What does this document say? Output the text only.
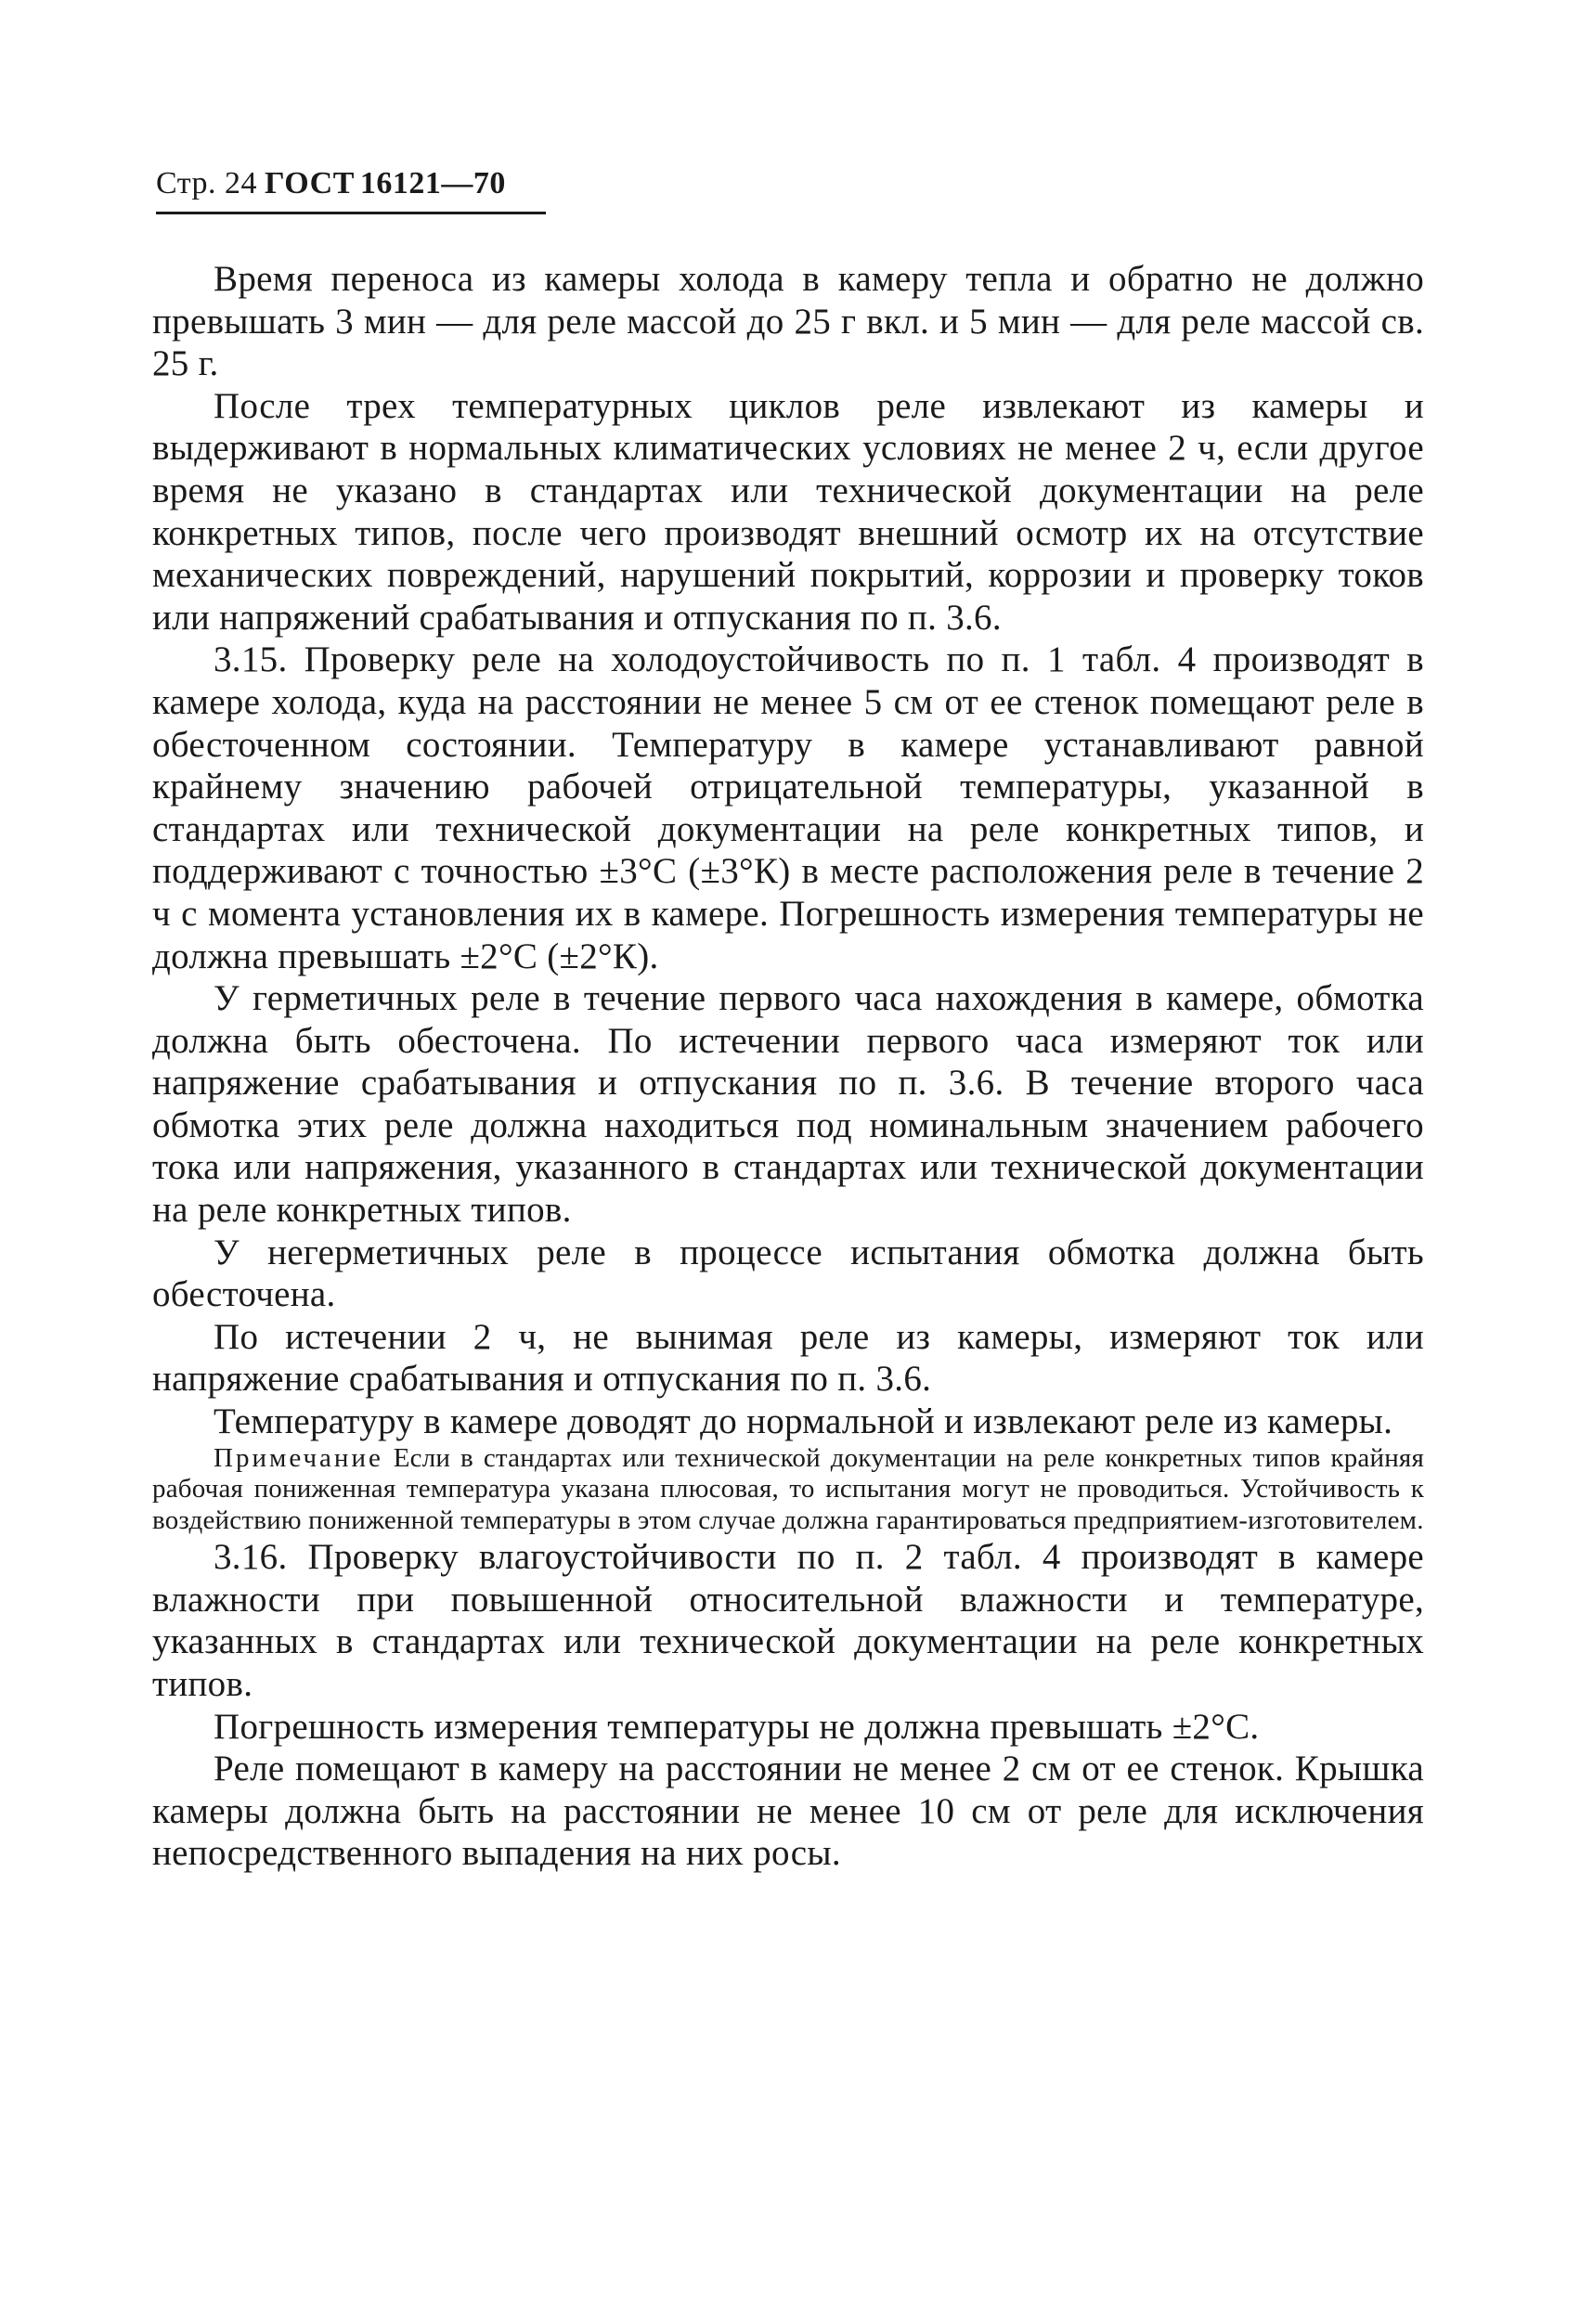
Стр. 24 ГОСТ 16121—70

Время переноса из камеры холода в камеру тепла и обратно не должно превышать 3 мин — для реле массой до 25 г вкл. и 5 мин — для реле массой св. 25 г.

После трех температурных циклов реле извлекают из камеры и выдерживают в нормальных климатических условиях не менее 2 ч, если другое время не указано в стандартах или технической документации на реле конкретных типов, после чего производят внешний осмотр их на отсутствие механических повреждений, нарушений покрытий, коррозии и проверку токов или напряжений срабатывания и отпускания по п. 3.6.

3.15. Проверку реле на холодоустойчивость по п. 1 табл. 4 производят в камере холода, куда на расстоянии не менее 5 см от ее стенок помещают реле в обесточенном состоянии. Температуру в камере устанавливают равной крайнему значению рабочей отрицательной температуры, указанной в стандартах или технической документации на реле конкретных типов, и поддерживают с точностью ±3°С (±3°К) в месте расположения реле в течение 2 ч с момента установления их в камере. Погрешность измерения температуры не должна превышать ±2°С (±2°К).

У герметичных реле в течение первого часа нахождения в камере, обмотка должна быть обесточена. По истечении первого часа измеряют ток или напряжение срабатывания и отпускания по п. 3.6. В течение второго часа обмотка этих реле должна находиться под номинальным значением рабочего тока или напряжения, указанного в стандартах или технической документации на реле конкретных типов.

У негерметичных реле в процессе испытания обмотка должна быть обесточена.

По истечении 2 ч, не вынимая реле из камеры, измеряют ток или напряжение срабатывания и отпускания по п. 3.6.

Температуру в камере доводят до нормальной и извлекают реле из камеры.

Примечание Если в стандартах или технической документации на реле конкретных типов крайняя рабочая пониженная температура указана плюсовая, то испытания могут не проводиться. Устойчивость к воздействию пониженной температуры в этом случае должна гарантироваться предприятием-изготовителем.

3.16. Проверку влагоустойчивости по п. 2 табл. 4 производят в камере влажности при повышенной относительной влажности и температуре, указанных в стандартах или технической документации на реле конкретных типов.

Погрешность измерения температуры не должна превышать ±2°С.

Реле помещают в камеру на расстоянии не менее 2 см от ее стенок. Крышка камеры должна быть на расстоянии не менее 10 см от реле для исключения непосредственного выпадения на них росы.
